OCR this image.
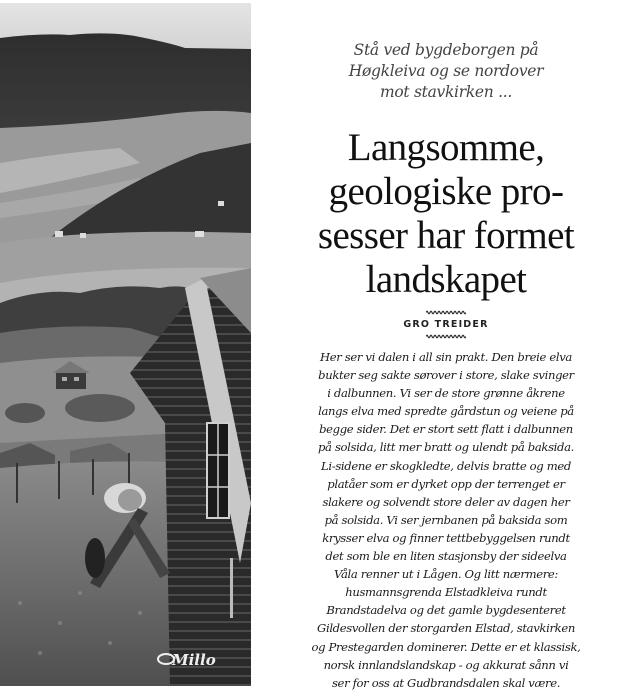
Millo
Stå ved bygdeborgen på
Høgkleiva og se nordover
mot stavkirken ...
Langsomme,
geologiske pro-
sesser har formet
landskapet
GRO TREIDER
Her ser vi dalen i all sin prakt. Den breie elva
bukter seg sakte sørover i store, slake svinger
i dalbunnen. Vi ser de store grønne åkrene
langs elva med spredte gårdstun og veiene på
begge sider. Det er stort sett flatt i dalbunnen
på solsida, litt mer bratt og ulendt på baksida.
Li-sidene er skogkledte, delvis bratte og med
platåer som er dyrket opp der terrenget er
slakere og solvendt store deler av dagen her
på solsida. Vi ser jernbanen på baksida som
krysser elva og finner tettbebyggelsen rundt
det som ble en liten stasjonsby der sideelva
Våla renner ut i Lågen. Og litt nærmere:
husmannsgrenda Elstadkleiva rundt
Brandstadelva og det gamle bygdesenteret
Gildesvollen der storgarden Elstad, stavkirken
og Prestegarden dominerer. Dette er et klassisk,
norsk innlandslandskap - og akkurat sånn vi
ser for oss at Gudbrandsdalen skal være.
